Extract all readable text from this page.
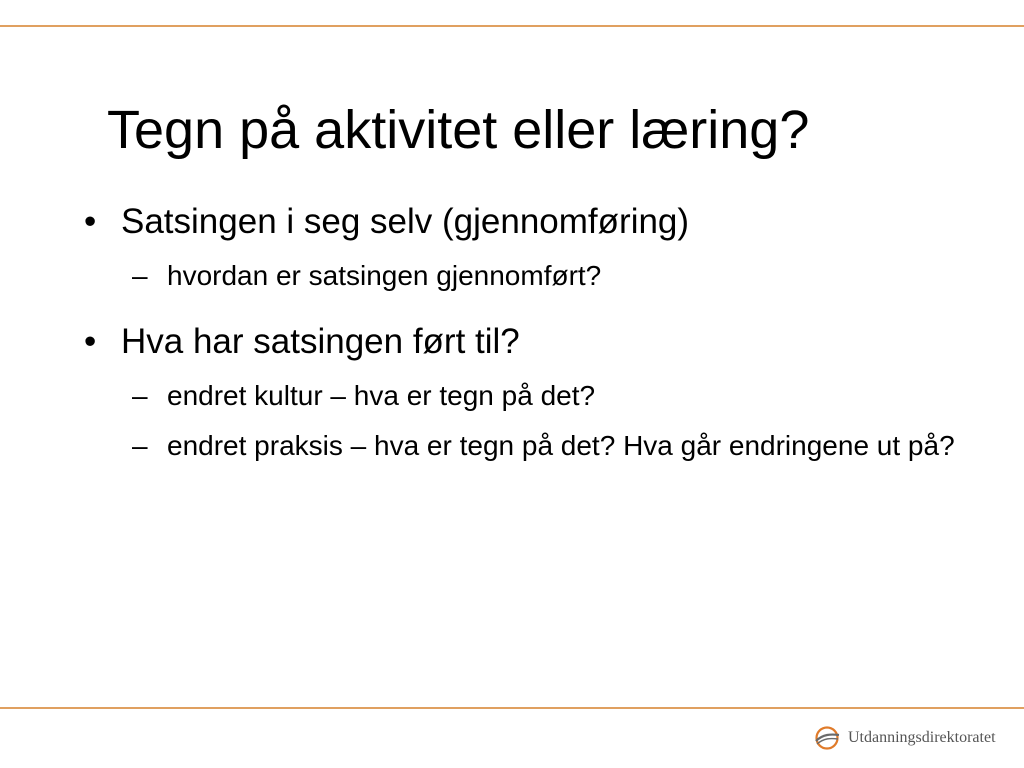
Tegn på aktivitet eller læring?
• Satsingen i seg selv (gjennomføring)
– hvordan er satsingen gjennomført?
• Hva har satsingen ført til?
– endret kultur – hva er tegn på det?
– endret praksis – hva er tegn på det? Hva går endringene ut på?
Utdanningsdirektoratet
